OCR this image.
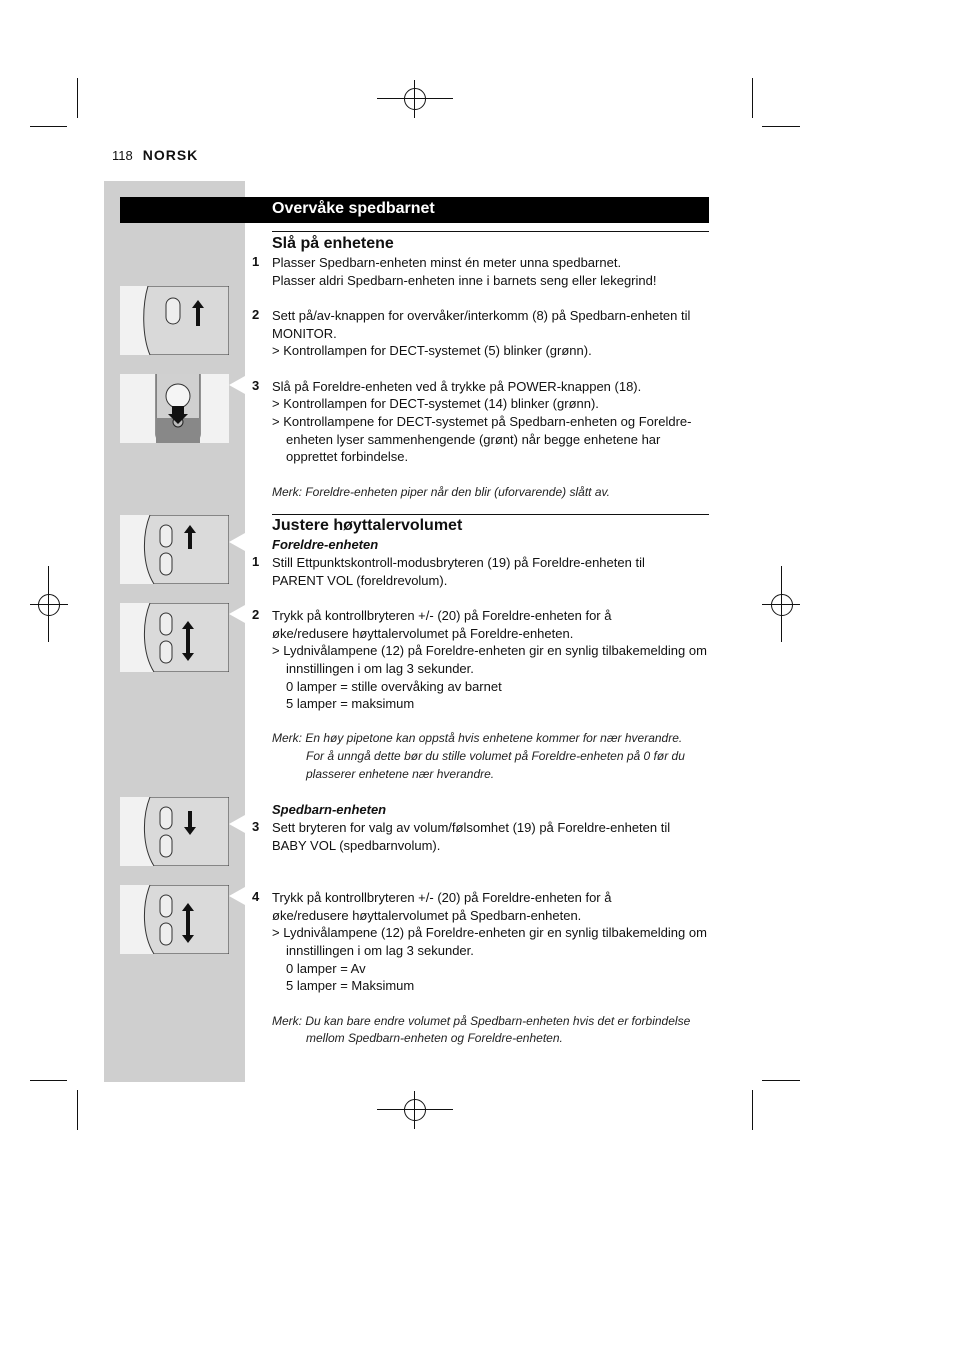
118 NORSK
Overvåke spedbarnet
Slå på enhetene
1 Plasser Spedbarn-enheten minst én meter unna spedbarnet.
Plasser aldri Spedbarn-enheten inne i barnets seng eller lekegrind!
2 Sett på/av-knappen for overvåker/interkomm (8) på Spedbarn-enheten til
MONITOR.
> Kontrollampen for DECT-systemet (5) blinker (grønn).
3 Slå på Foreldre-enheten ved å trykke på POWER-knappen (18).
> Kontrollampen for DECT-systemet (14) blinker (grønn).
> Kontrollampene for DECT-systemet på Spedbarn-enheten og Foreldre-
enheten lyser sammenhengende (grønt) når begge enhetene har
opprettet forbindelse.
Merk: Foreldre-enheten piper når den blir (uforvarende) slått av.
Justere høyttalervolumet
Foreldre-enheten
1 Still Ettpunktskontroll-modusbryteren (19) på Foreldre-enheten til
PARENT VOL (foreldrevolum).
2 Trykk på kontrollbryteren +/- (20) på Foreldre-enheten for å
øke/redusere høyttalervolumet på Foreldre-enheten.
> Lydnivålampene (12) på Foreldre-enheten gir en synlig tilbakemelding om
innstillingen i om lag 3 sekunder.
0 lamper = stille overvåking av barnet
5 lamper = maksimum
Merk: En høy pipetone kan oppstå hvis enhetene kommer for nær hverandre.
For å unngå dette bør du stille volumet på Foreldre-enheten på 0 før du
plasserer enhetene nær hverandre.
Spedbarn-enheten
3 Sett bryteren for valg av volum/følsomhet (19) på Foreldre-enheten til
BABY VOL (spedbarnvolum).
4 Trykk på kontrollbryteren +/- (20) på Foreldre-enheten for å
øke/redusere høyttalervolumet på Spedbarn-enheten.
> Lydnivålampene (12) på Foreldre-enheten gir en synlig tilbakemelding om
innstillingen i om lag 3 sekunder.
0 lamper = Av
5 lamper = Maksimum
Merk: Du kan bare endre volumet på Spedbarn-enheten hvis det er forbindelse
mellom Spedbarn-enheten og Foreldre-enheten.
